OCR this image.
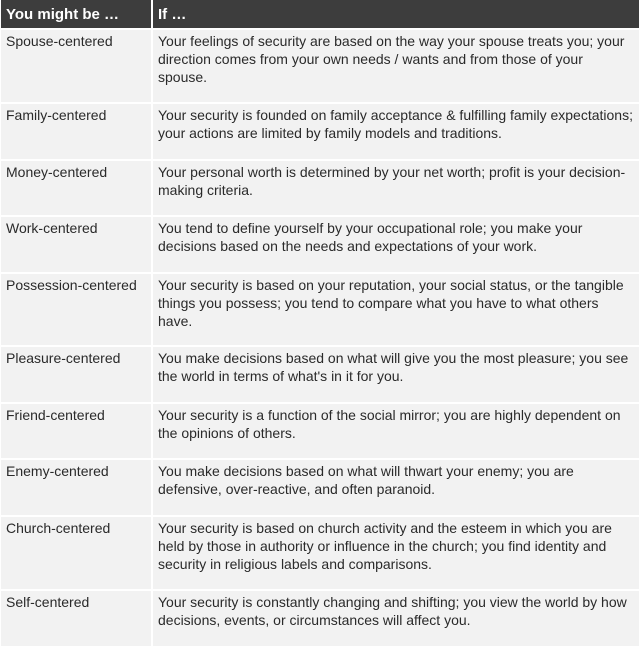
You might be …	If …
Spouse-centered	Your feelings of security are based on the way your spouse treats you; your direction comes from your own needs / wants and from those of your spouse.
Family-centered	Your security is founded on family acceptance & fulfilling family expectations; your actions are limited by family models and traditions.
Money-centered	Your personal worth is determined by your net worth; profit is your decision-making criteria.
Work-centered	You tend to define yourself by your occupational role; you make your decisions based on the needs and expectations of your work.
Possession-centered	Your security is based on your reputation, your social status, or the tangible things you possess; you tend to compare what you have to what others have.
Pleasure-centered	You make decisions based on what will give you the most pleasure; you see the world in terms of what's in it for you.
Friend-centered	Your security is a function of the social mirror; you are highly dependent on the opinions of others.
Enemy-centered	You make decisions based on what will thwart your enemy; you are defensive, over-reactive, and often paranoid.
Church-centered	Your security is based on church activity and the esteem in which you are held by those in authority or influence in the church; you find identity and security in religious labels and comparisons.
Self-centered	Your security is constantly changing and shifting; you view the world by how decisions, events, or circumstances will affect you.
